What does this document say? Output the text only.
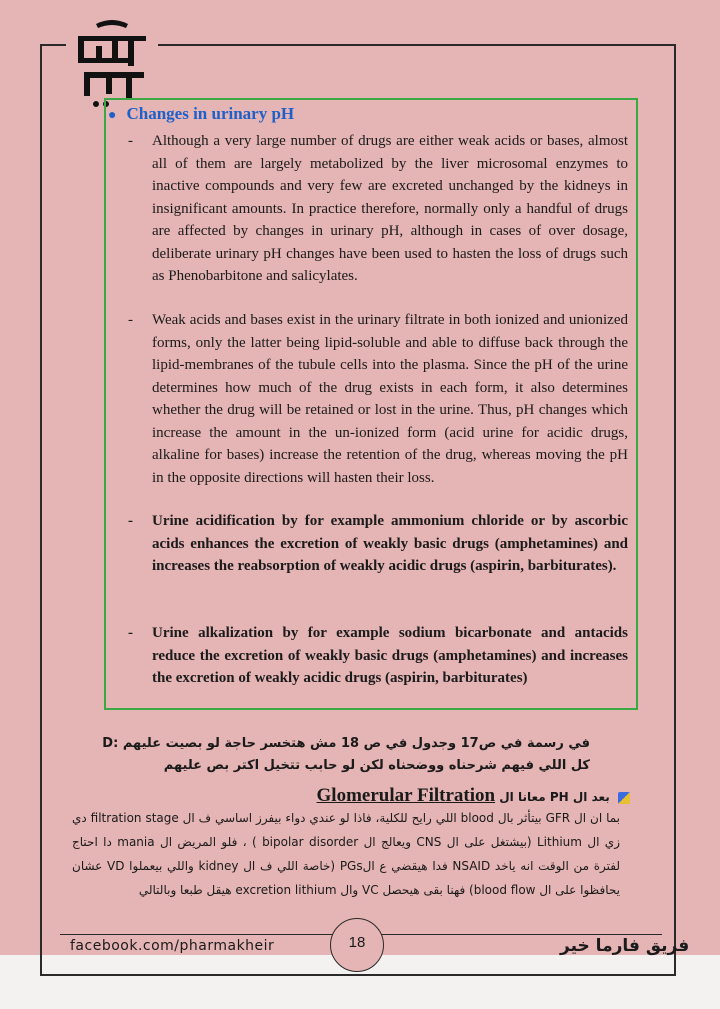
● Changes in urinary pH
- Although a very large number of drugs are either weak acids or bases, almost all of them are largely metabolized by the liver microsomal enzymes to inactive compounds and very few are excreted unchanged by the kidneys in insignificant amounts. In practice therefore, normally only a handful of drugs are affected by changes in urinary pH, although in cases of over dosage, deliberate urinary pH changes have been used to hasten the loss of drugs such as Phenobarbitone and salicylates.
- Weak acids and bases exist in the urinary filtrate in both ionized and unionized forms, only the latter being lipid-soluble and able to diffuse back through the lipid-membranes of the tubule cells into the plasma. Since the pH of the urine determines how much of the drug exists in each form, it also determines whether the drug will be retained or lost in the urine. Thus, pH changes which increase the amount in the un-ionized form (acid urine for acidic drugs, alkaline for bases) increase the retention of the drug, whereas moving the pH in the opposite directions will hasten their loss.
- Urine acidification by for example ammonium chloride or by ascorbic acids enhances the excretion of weakly basic drugs (amphetamines) and increases the reabsorption of weakly acidic drugs (aspirin, barbiturates).
- Urine alkalization by for example sodium bicarbonate and antacids reduce the excretion of weakly basic drugs (amphetamines) and increases the excretion of weakly acidic drugs (aspirin, barbiturates)
في رسمة في ص17 وجدول في ص 18 مش هتخسر حاجة لو بصيت عليهم :D
كل اللي فيهم شرحناه ووضحناه لكن لو حابب تتخيل اكتر بص عليهم
بعد ال PH معانا ال Glomerular Filtration
بما ان ال GFR بيتأثر بال blood اللي رايح للكلية، فاذا لو عندي دواء بيفرز اساسي ف ال filtration stage دي زي ال Lithium (بيشتغل على ال CNS ويعالج ال bipolar disorder ) ، فلو المريض ال mania دا احتاج لفترة من الوقت انه ياخد NSAID فدا هيقضي ع الPGs (خاصة اللي ف ال kidney واللي بيعملوا VD عشان يحافظوا على ال blood flow) فهنا بقى هيحصل VC وال excretion lithium هيقل طبعا وبالتالي
facebook.com/pharmakheir	18	فريق فارما خير
